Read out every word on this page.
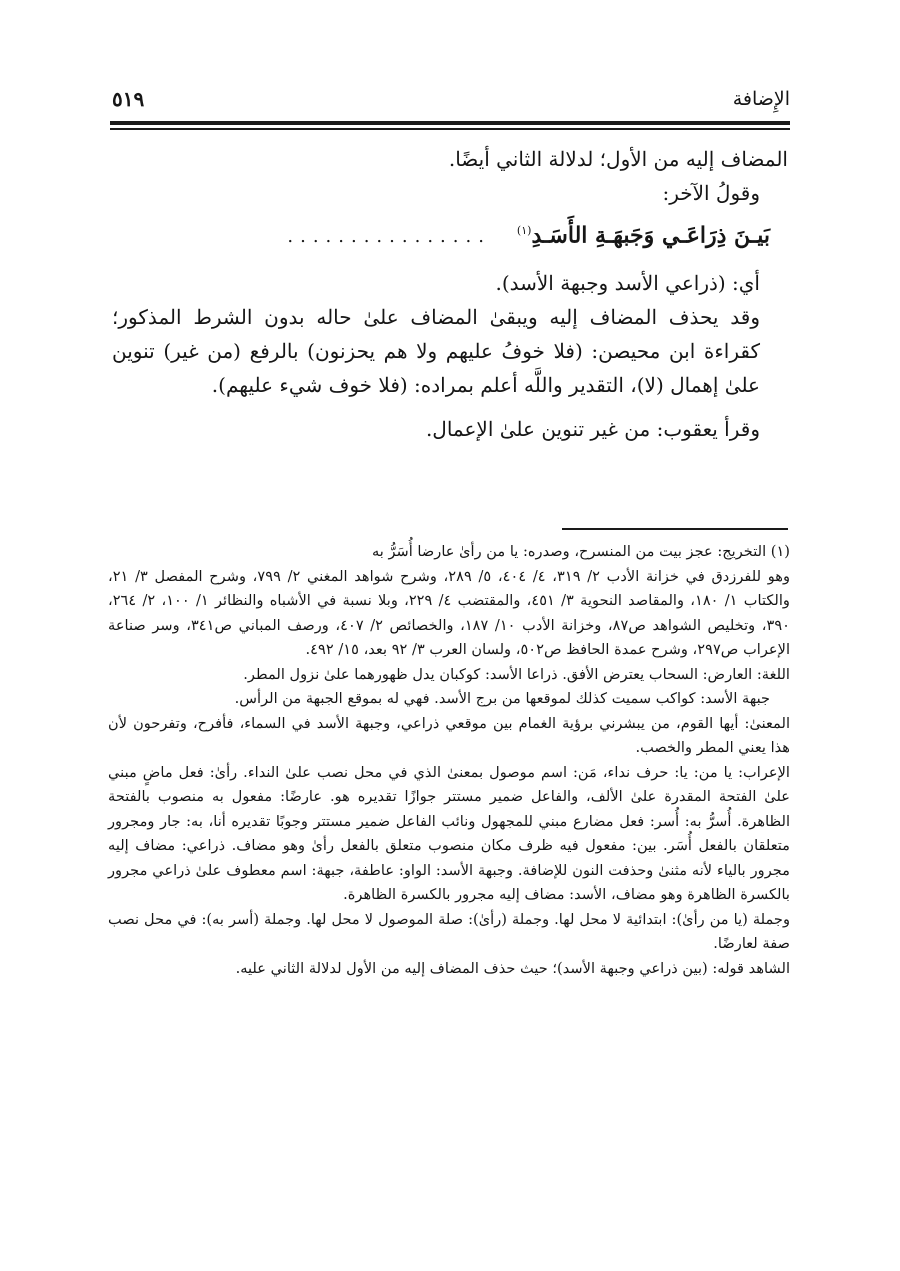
الإِضافة
٥١٩

المضاف إليه من الأول؛ لدلالة الثاني أيضًا.

وقولُ الآخر:

بَيـنَ ذِرَاعَـي وَجَبهَـةِ الأَسَـدِ$^{(١)}$
................

أي: (ذراعي الأسد وجبهة الأسد).

وقد يحذف المضاف إليه ويبقىٰ المضاف علىٰ حاله بدون الشرط المذكور؛ كقراءة ابن محيصن: (فلا خوفُ عليهم ولا هم يحزنون) بالرفع (من غير) تنوين علىٰ إهمال (لا)، التقدير واللَّه أعلم بمراده: (فلا خوف شيء عليهم).

وقرأ يعقوب: من غير تنوين علىٰ الإعمال.

(١) التخريج: عجز بيت من المنسرح، وصدره: يا من رأىٰ عارضا أُسَرُّ به

وهو للفرزدق في خزانة الأدب ٢/ ٣١٩، ٤/ ٤٠٤، ٥/ ٢٨٩، وشرح شواهد المغني ٢/ ٧٩٩، وشرح المفصل ٣/ ٢١، والكتاب ١/ ١٨٠، والمقاصد النحوية ٣/ ٤٥١، والمقتضب ٤/ ٢٢٩، وبلا نسبة في الأشباه والنظائر ١/ ١٠٠، ٢/ ٢٦٤، ٣٩٠، وتخليص الشواهد ص٨٧، وخزانة الأدب ١٠/ ١٨٧، والخصائص ٢/ ٤٠٧، ورصف المباني ص٣٤١، وسر صناعة الإعراب ص٢٩٧، وشرح عمدة الحافظ ص٥٠٢، ولسان العرب ٣/ ٩٢ بعد، ١٥/ ٤٩٢.

اللغة: العارض: السحاب يعترض الأفق. ذراعا الأسد: كوكبان يدل ظهورهما علىٰ نزول المطر.

جبهة الأسد: كواكب سميت كذلك لموقعها من برج الأسد. فهي له بموقع الجبهة من الرأس.

المعنىٰ: أيها القوم، من يبشرني برؤية الغمام بين موقعي ذراعي، وجبهة الأسد في السماء، فأفرح، وتفرحون لأن هذا يعني المطر والخصب.

الإعراب: يا من: يا: حرف نداء، مَن: اسم موصول بمعنىٰ الذي في محل نصب علىٰ النداء. رأىٰ: فعل ماضٍ مبني علىٰ الفتحة المقدرة علىٰ الألف، والفاعل ضمير مستتر جوازًا تقديره هو. عارضًا: مفعول به منصوب بالفتحة الظاهرة. أُسرُّ به: أُسر: فعل مضارع مبني للمجهول ونائب الفاعل ضمير مستتر وجوبًا تقديره أنا، به: جار ومجرور متعلقان بالفعل أُسَر. بين: مفعول فيه ظرف مكان منصوب متعلق بالفعل رأىٰ وهو مضاف. ذراعي: مضاف إليه مجرور بالياء لأنه مثنىٰ وحذفت النون للإضافة. وجبهة الأسد: الواو: عاطفة، جبهة: اسم معطوف علىٰ ذراعي مجرور بالكسرة الظاهرة وهو مضاف، الأسد: مضاف إليه مجرور بالكسرة الظاهرة.

وجملة (يا من رأىٰ): ابتدائية لا محل لها. وجملة (رأىٰ): صلة الموصول لا محل لها. وجملة (أسر به): في محل نصب صفة لعارضًا.

الشاهد قوله: (بين ذراعي وجبهة الأسد)؛ حيث حذف المضاف إليه من الأول لدلالة الثاني عليه.
